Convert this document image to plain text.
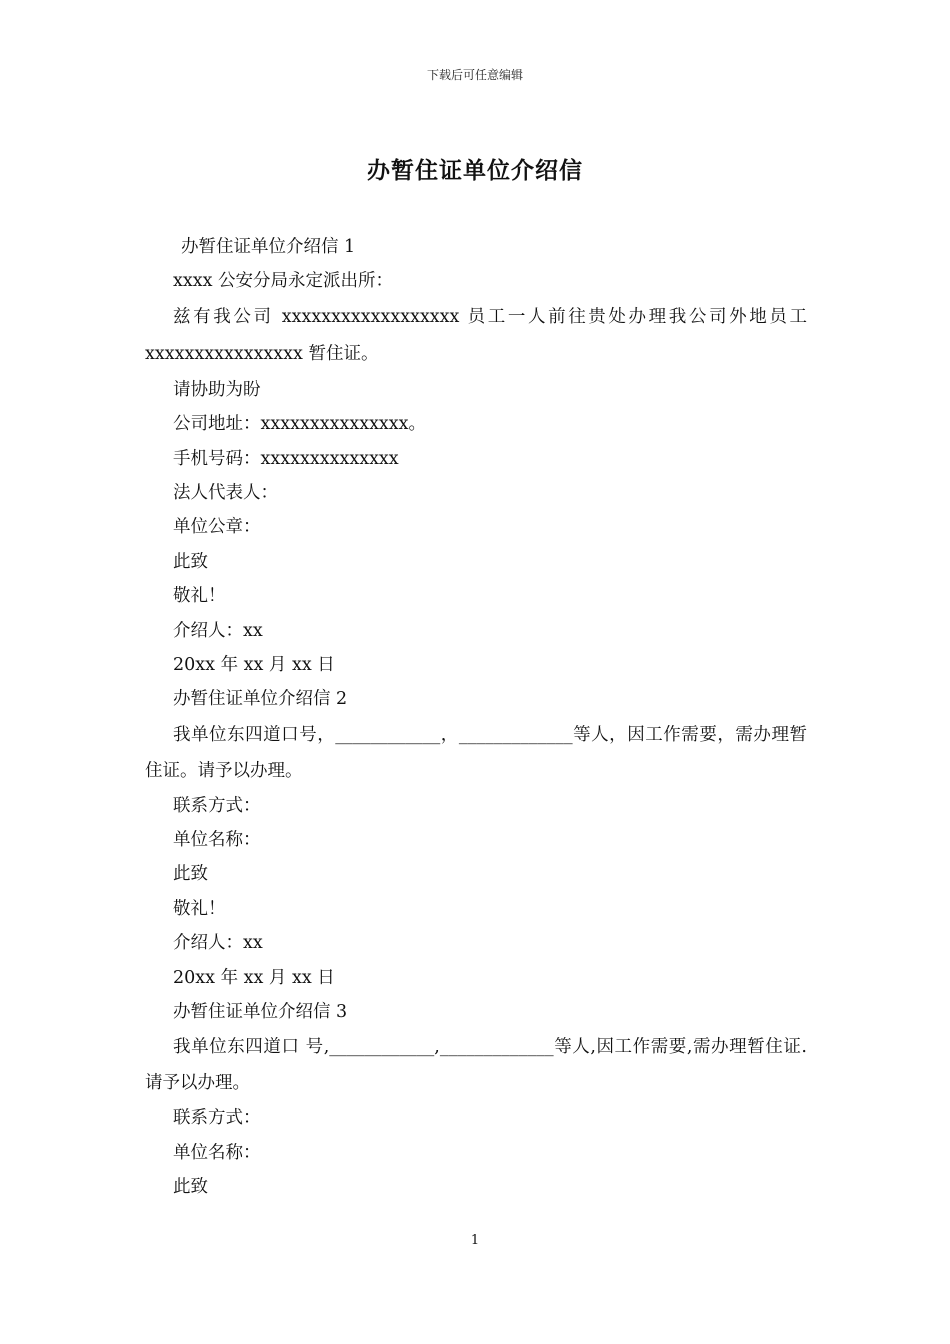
下载后可任意编辑
办暂住证单位介绍信

办暂住证单位介绍信 1

xxxx 公安分局永定派出所：

兹有我公司 xxxxxxxxxxxxxxxxxx 员工一人前往贵处办理我公司外地员工 xxxxxxxxxxxxxxxx 暂住证。

请协助为盼

公司地址：xxxxxxxxxxxxxxx。

手机号码：xxxxxxxxxxxxxx

法人代表人：

单位公章：

此致

敬礼！

介绍人：xx

20xx 年 xx 月 xx 日

办暂住证单位介绍信 2

我单位东四道口号，____________，_____________等人，因工作需要，需办理暂住证。请予以办理。

联系方式：

单位名称：

此致

敬礼！

介绍人：xx

20xx 年 xx 月 xx 日

办暂住证单位介绍信 3

我单位东四道口 号,____________,_____________等人,因工作需要,需办理暂住证.请予以办理。

联系方式：

单位名称：

此致

1
